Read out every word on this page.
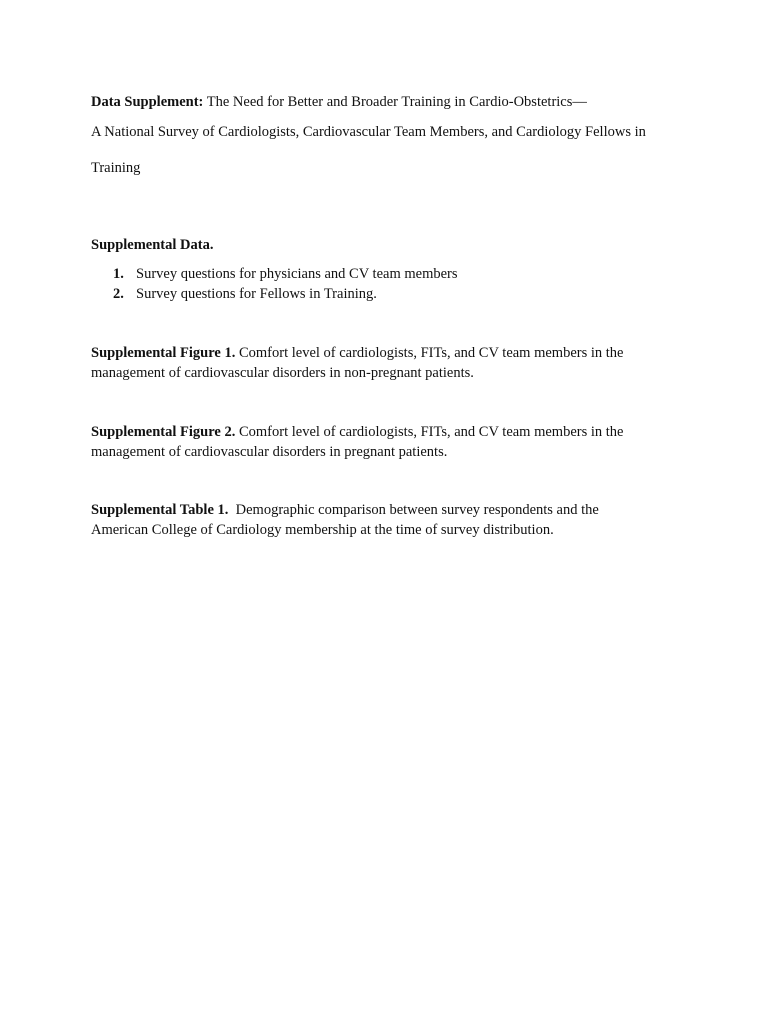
Data Supplement: The Need for Better and Broader Training in Cardio-Obstetrics—
A National Survey of Cardiologists, Cardiovascular Team Members, and Cardiology Fellows in
Training
Supplemental Data.
1. Survey questions for physicians and CV team members
2. Survey questions for Fellows in Training.
Supplemental Figure 1. Comfort level of cardiologists, FITs, and CV team members in the
management of cardiovascular disorders in non-pregnant patients.
Supplemental Figure 2. Comfort level of cardiologists, FITs, and CV team members in the
management of cardiovascular disorders in pregnant patients.
Supplemental Table 1.  Demographic comparison between survey respondents and the
American College of Cardiology membership at the time of survey distribution.
